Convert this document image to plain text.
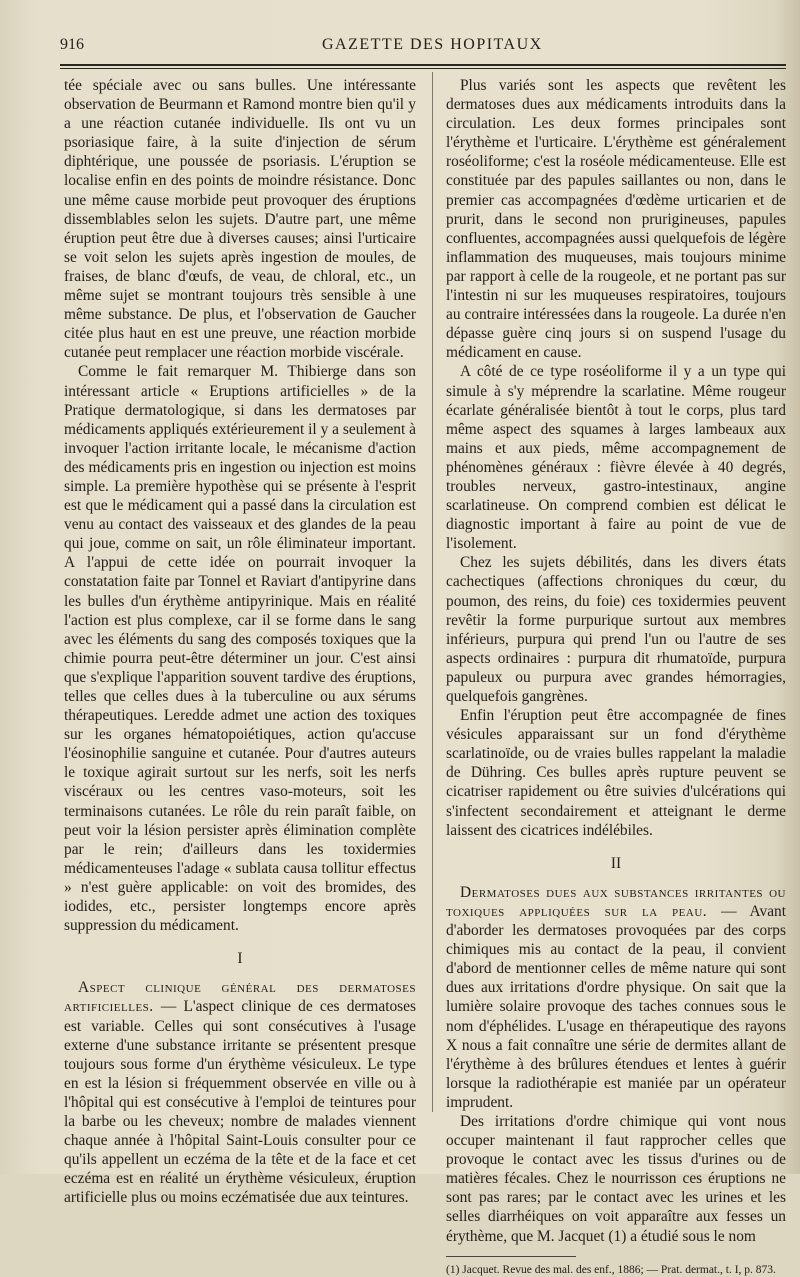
916	GAZETTE DES HOPITAUX

tée spéciale avec ou sans bulles. Une intéressante observation de Beurmann et Ramond montre bien qu'il y a une réaction cutanée individuelle. Ils ont vu un psoriasique faire, à la suite d'injection de sérum diphtérique, une poussée de psoriasis. L'éruption se localise enfin en des points de moindre résistance. Donc une même cause morbide peut provoquer des éruptions dissemblables selon les sujets. D'autre part, une même éruption peut être due à diverses causes; ainsi l'urticaire se voit selon les sujets après ingestion de moules, de fraises, de blanc d'œufs, de veau, de chloral, etc., un même sujet se montrant toujours très sensible à une même substance. De plus, et l'observation de Gaucher citée plus haut en est une preuve, une réaction morbide cutanée peut remplacer une réaction morbide viscérale.

Comme le fait remarquer M. Thibierge dans son intéressant article « Eruptions artificielles » de la Pratique dermatologique, si dans les dermatoses par médicaments appliqués extérieurement il y a seulement à invoquer l'action irritante locale, le mécanisme d'action des médicaments pris en ingestion ou injection est moins simple. La première hypothèse qui se présente à l'esprit est que le médicament qui a passé dans la circulation est venu au contact des vaisseaux et des glandes de la peau qui joue, comme on sait, un rôle éliminateur important. A l'appui de cette idée on pourrait invoquer la constatation faite par Tonnel et Raviart d'antipyrine dans les bulles d'un érythème antipyrinique. Mais en réalité l'action est plus complexe, car il se forme dans le sang avec les éléments du sang des composés toxiques que la chimie pourra peut-être déterminer un jour. C'est ainsi que s'explique l'apparition souvent tardive des éruptions, telles que celles dues à la tuberculine ou aux sérums thérapeutiques. Leredde admet une action des toxiques sur les organes hématopoiétiques, action qu'accuse l'éosinophilie sanguine et cutanée. Pour d'autres auteurs le toxique agirait surtout sur les nerfs, soit les nerfs viscéraux ou les centres vaso-moteurs, soit les terminaisons cutanées. Le rôle du rein paraît faible, on peut voir la lésion persister après élimination complète par le rein; d'ailleurs dans les toxidermies médicamenteuses l'adage « sublata causa tollitur effectus » n'est guère applicable: on voit des bromides, des iodides, etc., persister longtemps encore après suppression du médicament.

I

Aspect clinique général des dermatoses artificielles. — L'aspect clinique de ces dermatoses est variable. Celles qui sont consécutives à l'usage externe d'une substance irritante se présentent presque toujours sous forme d'un érythème vésiculeux. Le type en est la lésion si fréquemment observée en ville ou à l'hôpital qui est consécutive à l'emploi de teintures pour la barbe ou les cheveux; nombre de malades viennent chaque année à l'hôpital Saint-Louis consulter pour ce qu'ils appellent un eczéma de la tête et de la face et cet eczéma est en réalité un érythème vésiculeux, éruption artificielle plus ou moins eczématisée due aux teintures.

Plus variés sont les aspects que revêtent les dermatoses dues aux médicaments introduits dans la circulation. Les deux formes principales sont l'érythème et l'urticaire. L'érythème est généralement roséoliforme; c'est la roséole médicamenteuse. Elle est constituée par des papules saillantes ou non, dans le premier cas accompagnées d'œdème urticarien et de prurit, dans le second non prurigineuses, papules confluentes, accompagnées aussi quelquefois de légère inflammation des muqueuses, mais toujours minime par rapport à celle de la rougeole, et ne portant pas sur l'intestin ni sur les muqueuses respiratoires, toujours au contraire intéressées dans la rougeole. La durée n'en dépasse guère cinq jours si on suspend l'usage du médicament en cause.

A côté de ce type roséoliforme il y a un type qui simule à s'y méprendre la scarlatine. Même rougeur écarlate généralisée bientôt à tout le corps, plus tard même aspect des squames à larges lambeaux aux mains et aux pieds, même accompagnement de phénomènes généraux : fièvre élevée à 40 degrés, troubles nerveux, gastro-intestinaux, angine scarlatineuse. On comprend combien est délicat le diagnostic important à faire au point de vue de l'isolement.

Chez les sujets débilités, dans les divers états cachectiques (affections chroniques du cœur, du poumon, des reins, du foie) ces toxidermies peuvent revêtir la forme purpurique surtout aux membres inférieurs, purpura qui prend l'un ou l'autre de ses aspects ordinaires : purpura dit rhumatoïde, purpura papuleux ou purpura avec grandes hémorragies, quelquefois gangrènes.

Enfin l'éruption peut être accompagnée de fines vésicules apparaissant sur un fond d'érythème scarlatinoïde, ou de vraies bulles rappelant la maladie de Dühring. Ces bulles après rupture peuvent se cicatriser rapidement ou être suivies d'ulcérations qui s'infectent secondairement et atteignant le derme laissent des cicatrices indélébiles.

II

Dermatoses dues aux substances irritantes ou toxiques appliquées sur la peau. — Avant d'aborder les dermatoses provoquées par des corps chimiques mis au contact de la peau, il convient d'abord de mentionner celles de même nature qui sont dues aux irritations d'ordre physique. On sait que la lumière solaire provoque des taches connues sous le nom d'éphélides. L'usage en thérapeutique des rayons X nous a fait connaître une série de dermites allant de l'érythème à des brûlures étendues et lentes à guérir lorsque la radiothérapie est maniée par un opérateur imprudent.

Des irritations d'ordre chimique qui vont nous occuper maintenant il faut rapprocher celles que provoque le contact avec les tissus d'urines ou de matières fécales. Chez le nourrisson ces éruptions ne sont pas rares; par le contact avec les urines et les selles diarrhéiques on voit apparaître aux fesses un érythème, que M. Jacquet (1) a étudié sous le nom

(1) Jacquet. Revue des mal. des enf., 1886; — Prat. dermat., t. I, p. 873.
